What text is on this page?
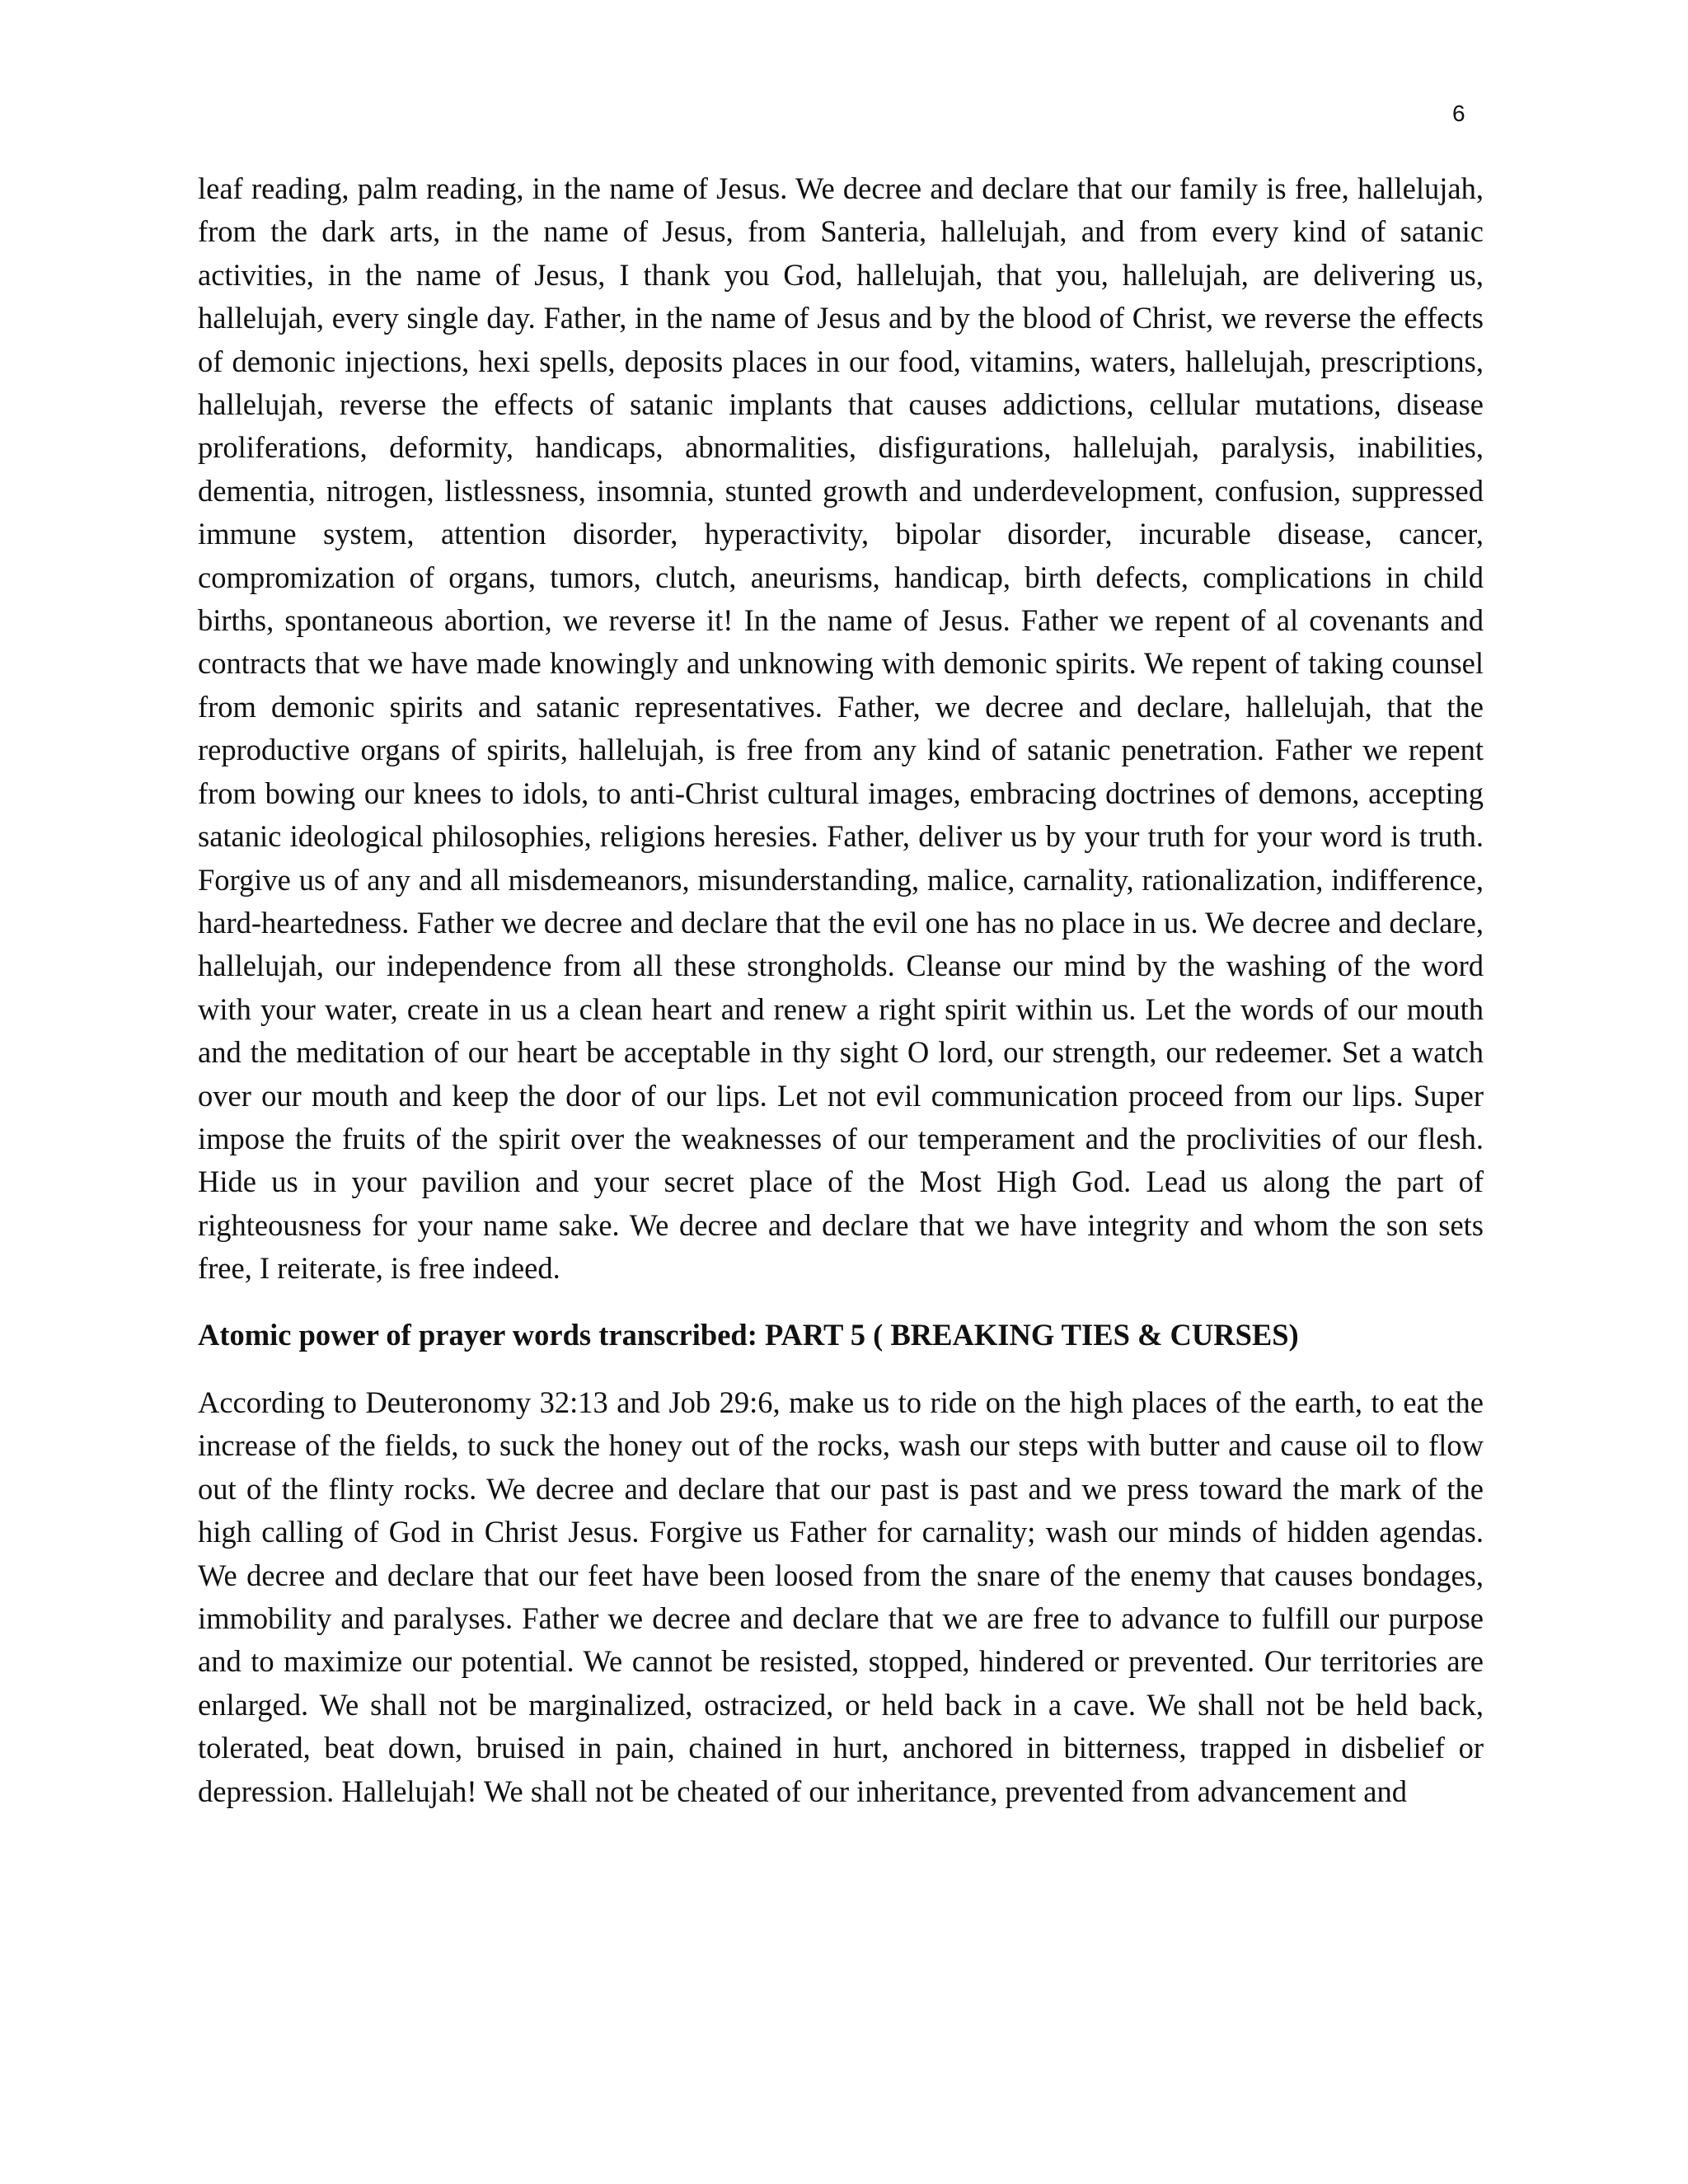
6

leaf reading, palm reading, in the name of Jesus. We decree and declare that our family is free, hallelujah, from the dark arts, in the name of Jesus, from Santeria, hallelujah, and from every kind of satanic activities, in the name of Jesus, I thank you God, hallelujah, that you, hallelujah, are delivering us, hallelujah, every single day. Father, in the name of Jesus and by the blood of Christ, we reverse the effects of demonic injections, hexi spells, deposits places in our food, vitamins, waters, hallelujah, prescriptions, hallelujah, reverse the effects of satanic implants that causes addictions, cellular mutations, disease proliferations, deformity, handicaps, abnormalities, disfigurations, hallelujah, paralysis, inabilities, dementia, nitrogen, listlessness, insomnia, stunted growth and underdevelopment, confusion, suppressed immune system, attention disorder, hyperactivity, bipolar disorder, incurable disease, cancer, compromization of organs, tumors, clutch, aneurisms, handicap, birth defects, complications in child births, spontaneous abortion, we reverse it! In the name of Jesus. Father we repent of al covenants and contracts that we have made knowingly and unknowing with demonic spirits. We repent of taking counsel from demonic spirits and satanic representatives. Father, we decree and declare, hallelujah, that the reproductive organs of spirits, hallelujah, is free from any kind of satanic penetration. Father we repent from bowing our knees to idols, to anti-Christ cultural images, embracing doctrines of demons, accepting satanic ideological philosophies, religions heresies. Father, deliver us by your truth for your word is truth. Forgive us of any and all misdemeanors, misunderstanding, malice, carnality, rationalization, indifference, hard-heartedness. Father we decree and declare that the evil one has no place in us. We decree and declare, hallelujah, our independence from all these strongholds. Cleanse our mind by the washing of the word with your water, create in us a clean heart and renew a right spirit within us. Let the words of our mouth and the meditation of our heart be acceptable in thy sight O lord, our strength, our redeemer. Set a watch over our mouth and keep the door of our lips. Let not evil communication proceed from our lips. Super impose the fruits of the spirit over the weaknesses of our temperament and the proclivities of our flesh. Hide us in your pavilion and your secret place of the Most High God. Lead us along the part of righteousness for your name sake. We decree and declare that we have integrity and whom the son sets free, I reiterate, is free indeed.

Atomic power of prayer words transcribed: PART 5 ( BREAKING TIES & CURSES)

According to Deuteronomy 32:13 and Job 29:6, make us to ride on the high places of the earth, to eat the increase of the fields, to suck the honey out of the rocks, wash our steps with butter and cause oil to flow out of the flinty rocks. We decree and declare that our past is past and we press toward the mark of the high calling of God in Christ Jesus. Forgive us Father for carnality; wash our minds of hidden agendas. We decree and declare that our feet have been loosed from the snare of the enemy that causes bondages, immobility and paralyses. Father we decree and declare that we are free to advance to fulfill our purpose and to maximize our potential. We cannot be resisted, stopped, hindered or prevented. Our territories are enlarged. We shall not be marginalized, ostracized, or held back in a cave. We shall not be held back, tolerated, beat down, bruised in pain, chained in hurt, anchored in bitterness, trapped in disbelief or depression. Hallelujah! We shall not be cheated of our inheritance, prevented from advancement and
